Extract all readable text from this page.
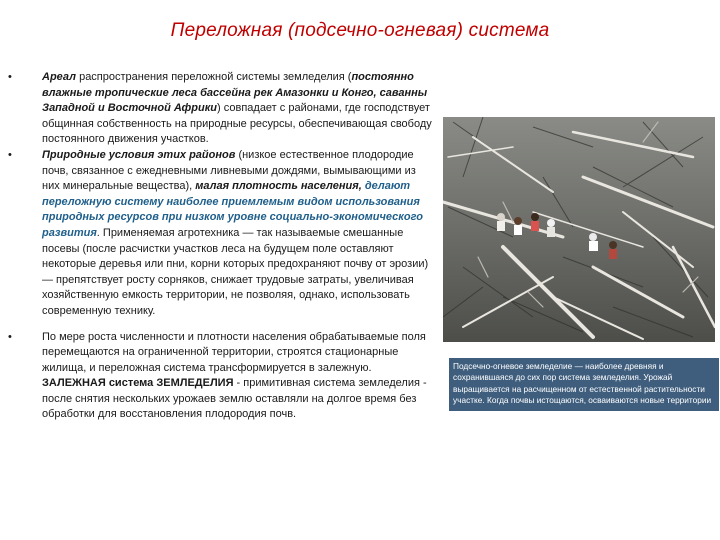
Переложная (подсечно-огневая) система
•	Ареал распространения переложной системы земледелия (постоянно влажные тропические леса бассейна рек Амазонки и Конго, саванны Западной и Восточной Африки) совпадает с районами, где господствует общинная собственность на природные ресурсы, обеспечивающая свободу постоянного движения участков.
•	Природные условия этих районов (низкое естественное плодородие почв, связанное с ежедневными ливневыми дождями, вымывающими из них минеральные вещества), малая плотность населения, делают переложную систему наиболее приемлемым видом использования природных ресурсов при низком уровне социально-экономического развития. Применяемая агротехника — так называемые смешанные посевы (после расчистки участков леса на будущем поле оставляют некоторые деревья или пни, корни которых предохраняют почву от эрозии) — препятствует росту сорняков, снижает трудовые затраты, увеличивая хозяйственную емкость территории, не позволяя, однако, использовать современную технику.
•	По мере роста численности и плотности населения обрабатываемые поля перемещаются на ограниченной территории, строятся стационарные жилища, и переложная система трансформируется в залежную. ЗАЛЕЖНАЯ система ЗЕМЛЕДЕЛИЯ - примитивная система земледелия - после снятия нескольких урожаев землю оставляли на долгое время без обработки для восстановления плодородия почв.
Подсечно-огневое земледелие — наиболее древняя и сохранившаяся до сих пор система земледелия. Урожай выращивается на расчищенном от естественной растительности участке. Когда почвы истощаются, осваиваются новые территории
